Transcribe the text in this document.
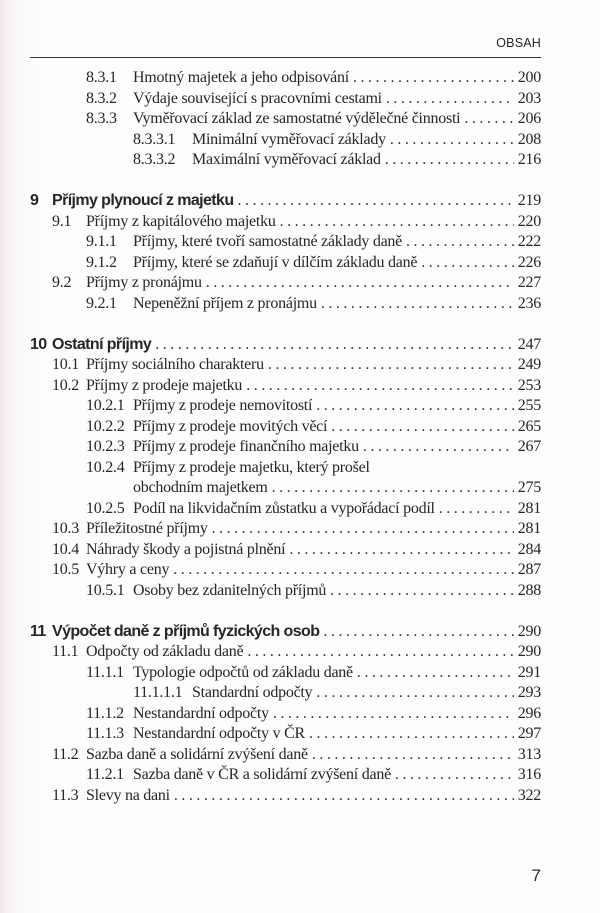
OBSAH
8.3.1	Hmotný majetek a jeho odpisování . . .	200
8.3.2	Výdaje související s pracovními cestami . . .	203
8.3.3	Vyměřovací základ ze samostatné výdělečné činnosti . . .	206
8.3.3.1	Minimální vyměřovací základy . . .	208
8.3.3.2	Maximální vyměřovací základ . . .	216
9 Příjmy plynoucí z majetku . . .	219
9.1 Příjmy z kapitálového majetku . . .	220
9.1.1	Příjmy, které tvoří samostatné základy daně . . .	222
9.1.2	Příjmy, které se zdaňují v dílčím základu daně . . .	226
9.2 Příjmy z pronájmu . . .	227
9.2.1	Nepeněžní příjem z pronájmu . . .	236
10 Ostatní příjmy . . .	247
10.1 Příjmy sociálního charakteru . . .	249
10.2 Příjmy z prodeje majetku . . .	253
10.2.1 Příjmy z prodeje nemovitostí . . .	255
10.2.2 Příjmy z prodeje movitých věcí . . .	265
10.2.3 Příjmy z prodeje finančního majetku . . .	267
10.2.4 Příjmy z prodeje majetku, který prošel
obchodním majetkem . . .	275
10.2.5 Podíl na likvidačním zůstatku a vypořádací podíl . . .	281
10.3 Příležitostné příjmy . . .	281
10.4 Náhrady škody a pojistná plnění . . .	284
10.5 Výhry a ceny . . .	287
10.5.1 Osoby bez zdanitelných příjmů . . .	288
11 Výpočet daně z příjmů fyzických osob . . .	290
11.1 Odpočty od základu daně . . .	290
11.1.1 Typologie odpočtů od základu daně . . .	291
11.1.1.1 Standardní odpočty . . .	293
11.1.2 Nestandardní odpočty . . .	296
11.1.3 Nestandardní odpočty v ČR . . .	297
11.2 Sazba daně a solidární zvýšení daně . . .	313
11.2.1 Sazba daně v ČR a solidární zvýšení daně . . .	316
11.3 Slevy na dani . . .	322
7
